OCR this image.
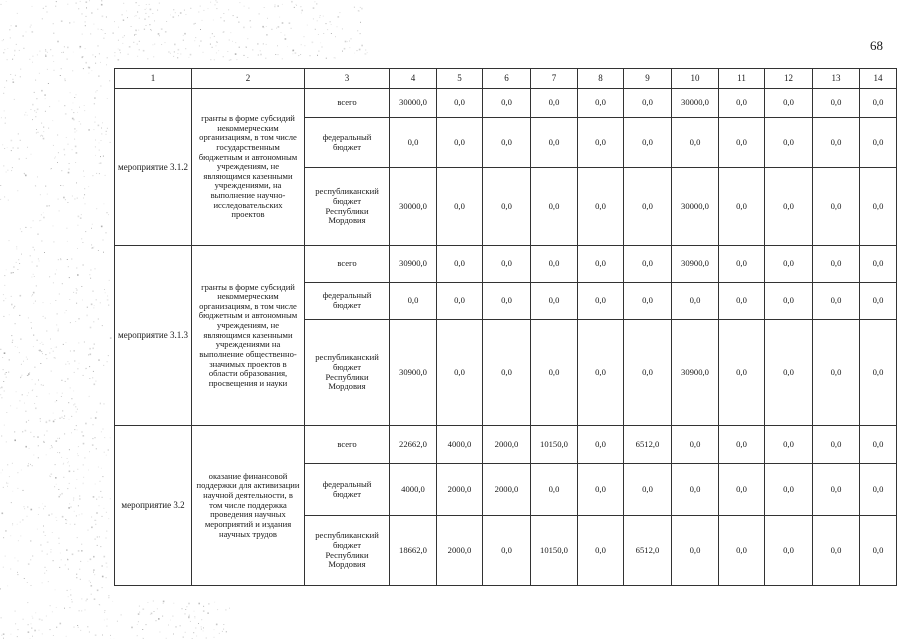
68
1	2	3	4	5	6	7	8	9	10	11	12	13	14
мероприятие 3.1.2	гранты в форме субсидий некоммерческим организациям, в том числе государственным бюджетным и автономным учреждениям, не являющимся казенными учреждениями, на выполнение научно-исследовательских проектов	всего	30000,0	0,0	0,0	0,0	0,0	0,0	30000,0	0,0	0,0	0,0	0,0
		федеральный бюджет	0,0	0,0	0,0	0,0	0,0	0,0	0,0	0,0	0,0	0,0	0,0
		республиканский бюджет Республики Мордовия	30000,0	0,0	0,0	0,0	0,0	0,0	30000,0	0,0	0,0	0,0	0,0
мероприятие 3.1.3	гранты в форме субсидий некоммерческим организациям, в том числе бюджетным и автономным учреждениям, не являющимся казенными учреждениями на выполнение общественно-значимых проектов в области образования, просвещения и науки	всего	30900,0	0,0	0,0	0,0	0,0	0,0	30900,0	0,0	0,0	0,0	0,0
		федеральный бюджет	0,0	0,0	0,0	0,0	0,0	0,0	0,0	0,0	0,0	0,0	0,0
		республиканский бюджет Республики Мордовия	30900,0	0,0	0,0	0,0	0,0	0,0	30900,0	0,0	0,0	0,0	0,0
мероприятие 3.2	оказание финансовой поддержки для активизации научной деятельности, в том числе поддержка проведения научных мероприятий и издания научных трудов	всего	22662,0	4000,0	2000,0	10150,0	0,0	6512,0	0,0	0,0	0,0	0,0	0,0
		федеральный бюджет	4000,0	2000,0	2000,0	0,0	0,0	0,0	0,0	0,0	0,0	0,0	0,0
		республиканский бюджет Республики Мордовия	18662,0	2000,0	0,0	10150,0	0,0	6512,0	0,0	0,0	0,0	0,0	0,0
